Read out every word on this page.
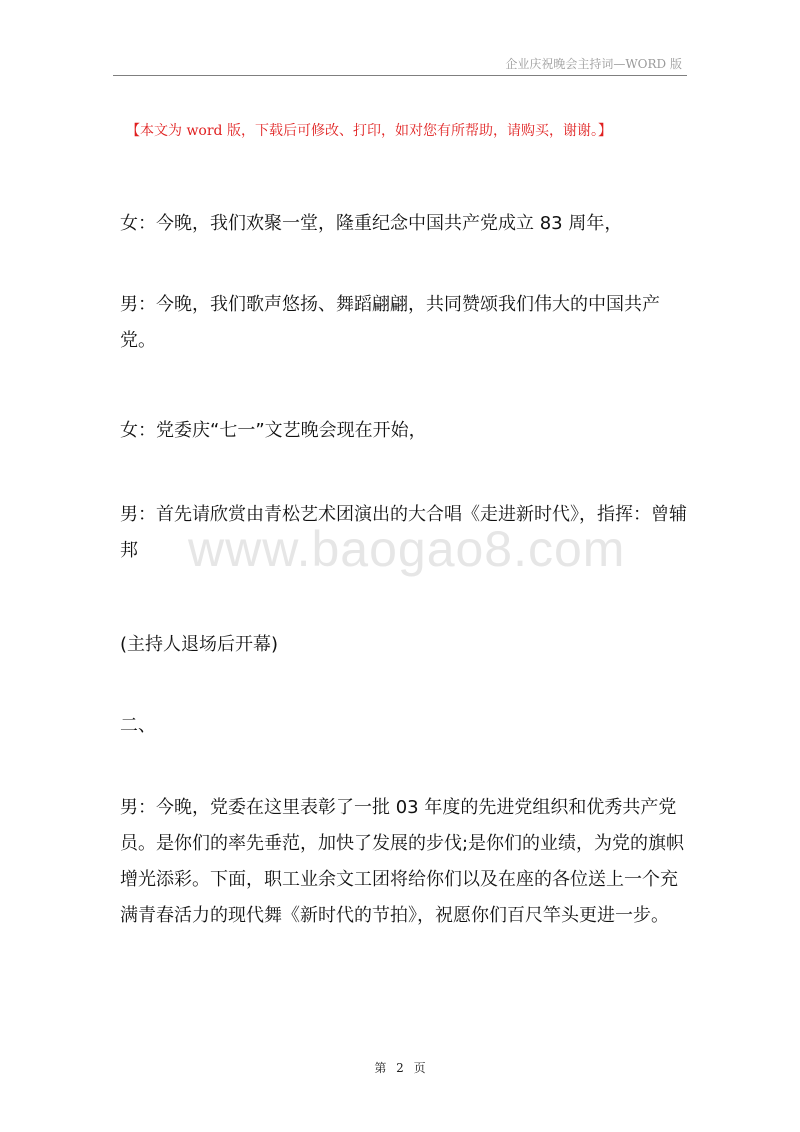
企业庆祝晚会主持词—WORD 版
【本文为 word 版，下载后可修改、打印，如对您有所帮助，请购买，谢谢。】
www.baogao8.com
女：今晚，我们欢聚一堂，隆重纪念中国共产党成立 83 周年，
男：今晚，我们歌声悠扬、舞蹈翩翩，共同赞颂我们伟大的中国共产党。
女：党委庆“七一”文艺晚会现在开始，
男：首先请欣赏由青松艺术团演出的大合唱《走进新时代》，指挥：曾辅邦
(主持人退场后开幕)
二、
男：今晚，党委在这里表彰了一批 03 年度的先进党组织和优秀共产党员。是你们的率先垂范，加快了发展的步伐;是你们的业绩，为党的旗帜增光添彩。下面，职工业余文工团将给你们以及在座的各位送上一个充满青春活力的现代舞《新时代的节拍》，祝愿你们百尺竿头更进一步。
第 2 页
